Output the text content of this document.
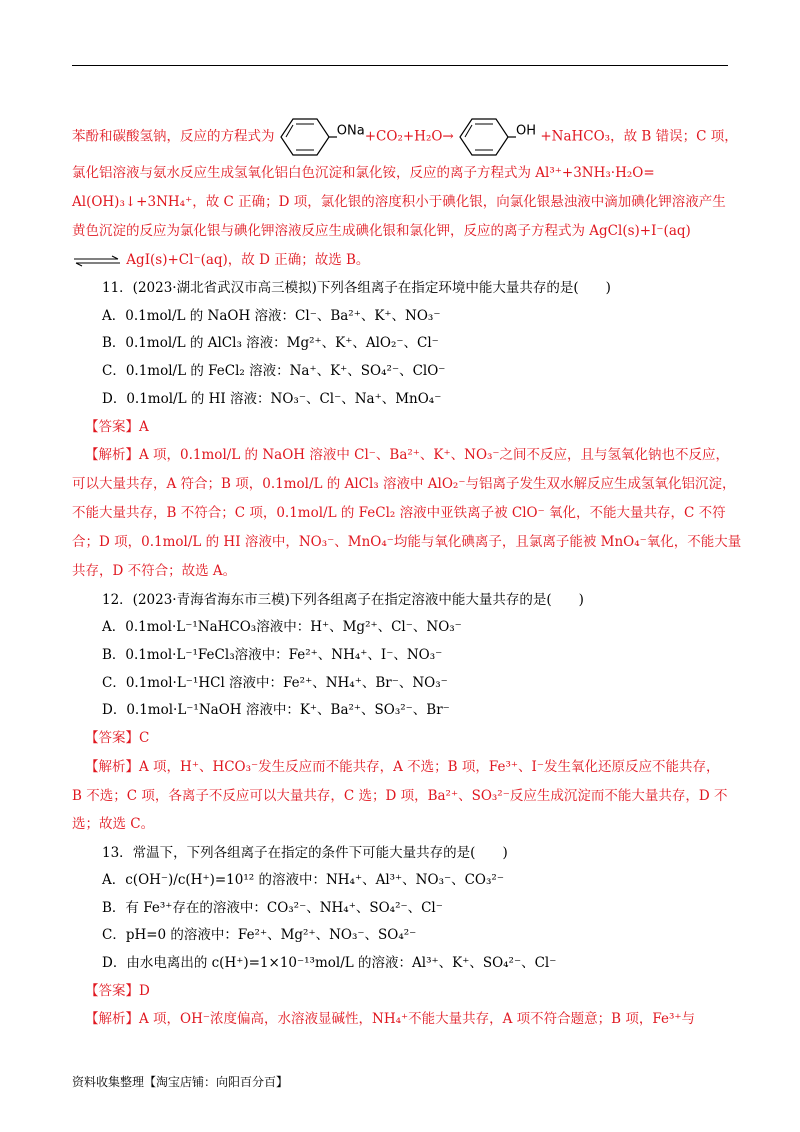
苯酚和碳酸氢钠，反应的方程式为	ONa+CO₂+H₂O→	OH +NaHCO₃，故 B 错误；C 项，
氯化铝溶液与氨水反应生成氢氧化铝白色沉淀和氯化铵，反应的离子方程式为 Al³⁺+3NH₃·H₂O=
Al(OH)₃↓+3NH₄⁺，故 C 正确；D 项，氯化银的溶度积小于碘化银，向氯化银悬浊液中滴加碘化钾溶液产生
黄色沉淀的反应为氯化银与碘化钾溶液反应生成碘化银和氯化钾，反应的离子方程式为 AgCl(s)+I⁻(aq)
⇌ AgI(s)+Cl⁻(aq)，故 D 正确；故选 B。
11．(2023·湖北省武汉市高三模拟)下列各组离子在指定环境中能大量共存的是(　　)
A．0.1mol/L 的 NaOH 溶液：Cl⁻、Ba²⁺、K⁺、NO₃⁻
B．0.1mol/L 的 AlCl₃ 溶液：Mg²⁺、K⁺、AlO₂⁻、Cl⁻
C．0.1mol/L 的 FeCl₂ 溶液：Na⁺、K⁺、SO₄²⁻、ClO⁻
D．0.1mol/L 的 HI 溶液：NO₃⁻、Cl⁻、Na⁺、MnO₄⁻
【答案】A
【解析】A 项，0.1mol/L 的 NaOH 溶液中 Cl⁻、Ba²⁺、K⁺、NO₃⁻之间不反应，且与氢氧化钠也不反应，
可以大量共存，A 符合；B 项，0.1mol/L 的 AlCl₃ 溶液中 AlO₂⁻与铝离子发生双水解反应生成氢氧化铝沉淀，
不能大量共存，B 不符合；C 项，0.1mol/L 的 FeCl₂ 溶液中亚铁离子被 ClO⁻ 氧化，不能大量共存，C 不符
合；D 项，0.1mol/L 的 HI 溶液中，NO₃⁻、MnO₄⁻均能与氧化碘离子，且氯离子能被 MnO₄⁻氧化，不能大量
共存，D 不符合；故选 A。
12．(2023·青海省海东市三模)下列各组离子在指定溶液中能大量共存的是(　　)
A．0.1mol·L⁻¹NaHCO₃溶液中：H⁺、Mg²⁺、Cl⁻、NO₃⁻
B．0.1mol·L⁻¹FeCl₃溶液中：Fe²⁺、NH₄⁺、I⁻、NO₃⁻
C．0.1mol·L⁻¹HCl 溶液中：Fe²⁺、NH₄⁺、Br⁻、NO₃⁻
D．0.1mol·L⁻¹NaOH 溶液中：K⁺、Ba²⁺、SO₃²⁻、Br⁻
【答案】C
【解析】A 项，H⁺、HCO₃⁻发生反应而不能共存，A 不选；B 项，Fe³⁺、I⁻发生氧化还原反应不能共存，
B 不选；C 项，各离子不反应可以大量共存，C 选；D 项，Ba²⁺、SO₃²⁻反应生成沉淀而不能大量共存，D 不
选；故选 C。
13．常温下，下列各组离子在指定的条件下可能大量共存的是(　　)
A．c(OH⁻)/c(H⁺)=10¹² 的溶液中：NH₄⁺、Al³⁺、NO₃⁻、CO₃²⁻
B．有 Fe³⁺存在的溶液中：CO₃²⁻、NH₄⁺、SO₄²⁻、Cl⁻
C．pH=0 的溶液中：Fe²⁺、Mg²⁺、NO₃⁻、SO₄²⁻
D．由水电离出的 c(H⁺)=1×10⁻¹³mol/L 的溶液：Al³⁺、K⁺、SO₄²⁻、Cl⁻
【答案】D
【解析】A 项，OH⁻浓度偏高，水溶液显碱性，NH₄⁺不能大量共存，A 项不符合题意；B 项，Fe³⁺与
资料收集整理【淘宝店铺：向阳百分百】
